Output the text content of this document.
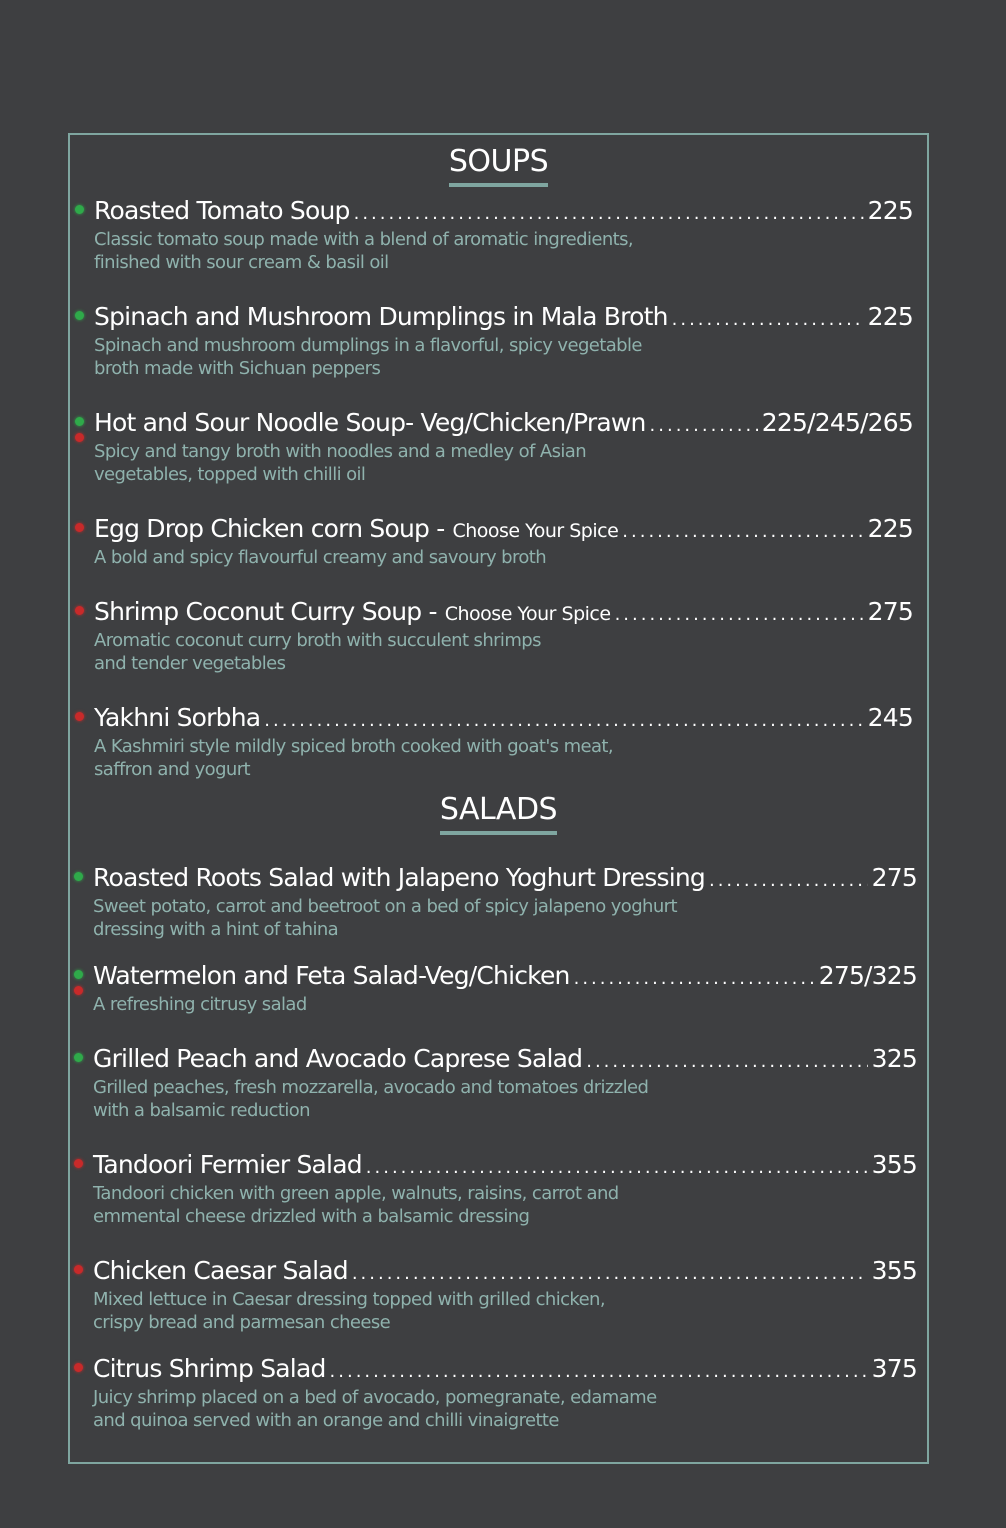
SOUPS
Roasted Tomato Soup .....	225
Classic tomato soup made with a blend of aromatic ingredients,
finished with sour cream & basil oil
Spinach and Mushroom Dumplings in Mala Broth .....	225
Spinach and mushroom dumplings in a flavorful, spicy vegetable
broth made with Sichuan peppers
Hot and Sour Noodle Soup- Veg/Chicken/Prawn .....	225/245/265
Spicy and tangy broth with noodles and a medley of Asian
vegetables, topped with chilli oil
Egg Drop Chicken corn Soup - Choose Your Spice .....	225
A bold and spicy flavourful creamy and savoury broth
Shrimp Coconut Curry Soup - Choose Your Spice .....	275
Aromatic coconut curry broth with succulent shrimps
and tender vegetables
Yakhni Sorbha .....	245
A Kashmiri style mildly spiced broth cooked with goat's meat,
saffron and yogurt
SALADS
Roasted Roots Salad with Jalapeno Yoghurt Dressing .....	275
Sweet potato, carrot and beetroot on a bed of spicy jalapeno yoghurt
dressing with a hint of tahina
Watermelon and Feta Salad-Veg/Chicken .....	275/325
A refreshing citrusy salad
Grilled Peach and Avocado Caprese Salad .....	325
Grilled peaches, fresh mozzarella, avocado and tomatoes drizzled
with a balsamic reduction
Tandoori Fermier Salad .....	355
Tandoori chicken with green apple, walnuts, raisins, carrot and
emmental cheese drizzled with a balsamic dressing
Chicken Caesar Salad .....	355
Mixed lettuce in Caesar dressing topped with grilled chicken,
crispy bread and parmesan cheese
Citrus Shrimp Salad .....	375
Juicy shrimp placed on a bed of avocado, pomegranate, edamame
and quinoa served with an orange and chilli vinaigrette
